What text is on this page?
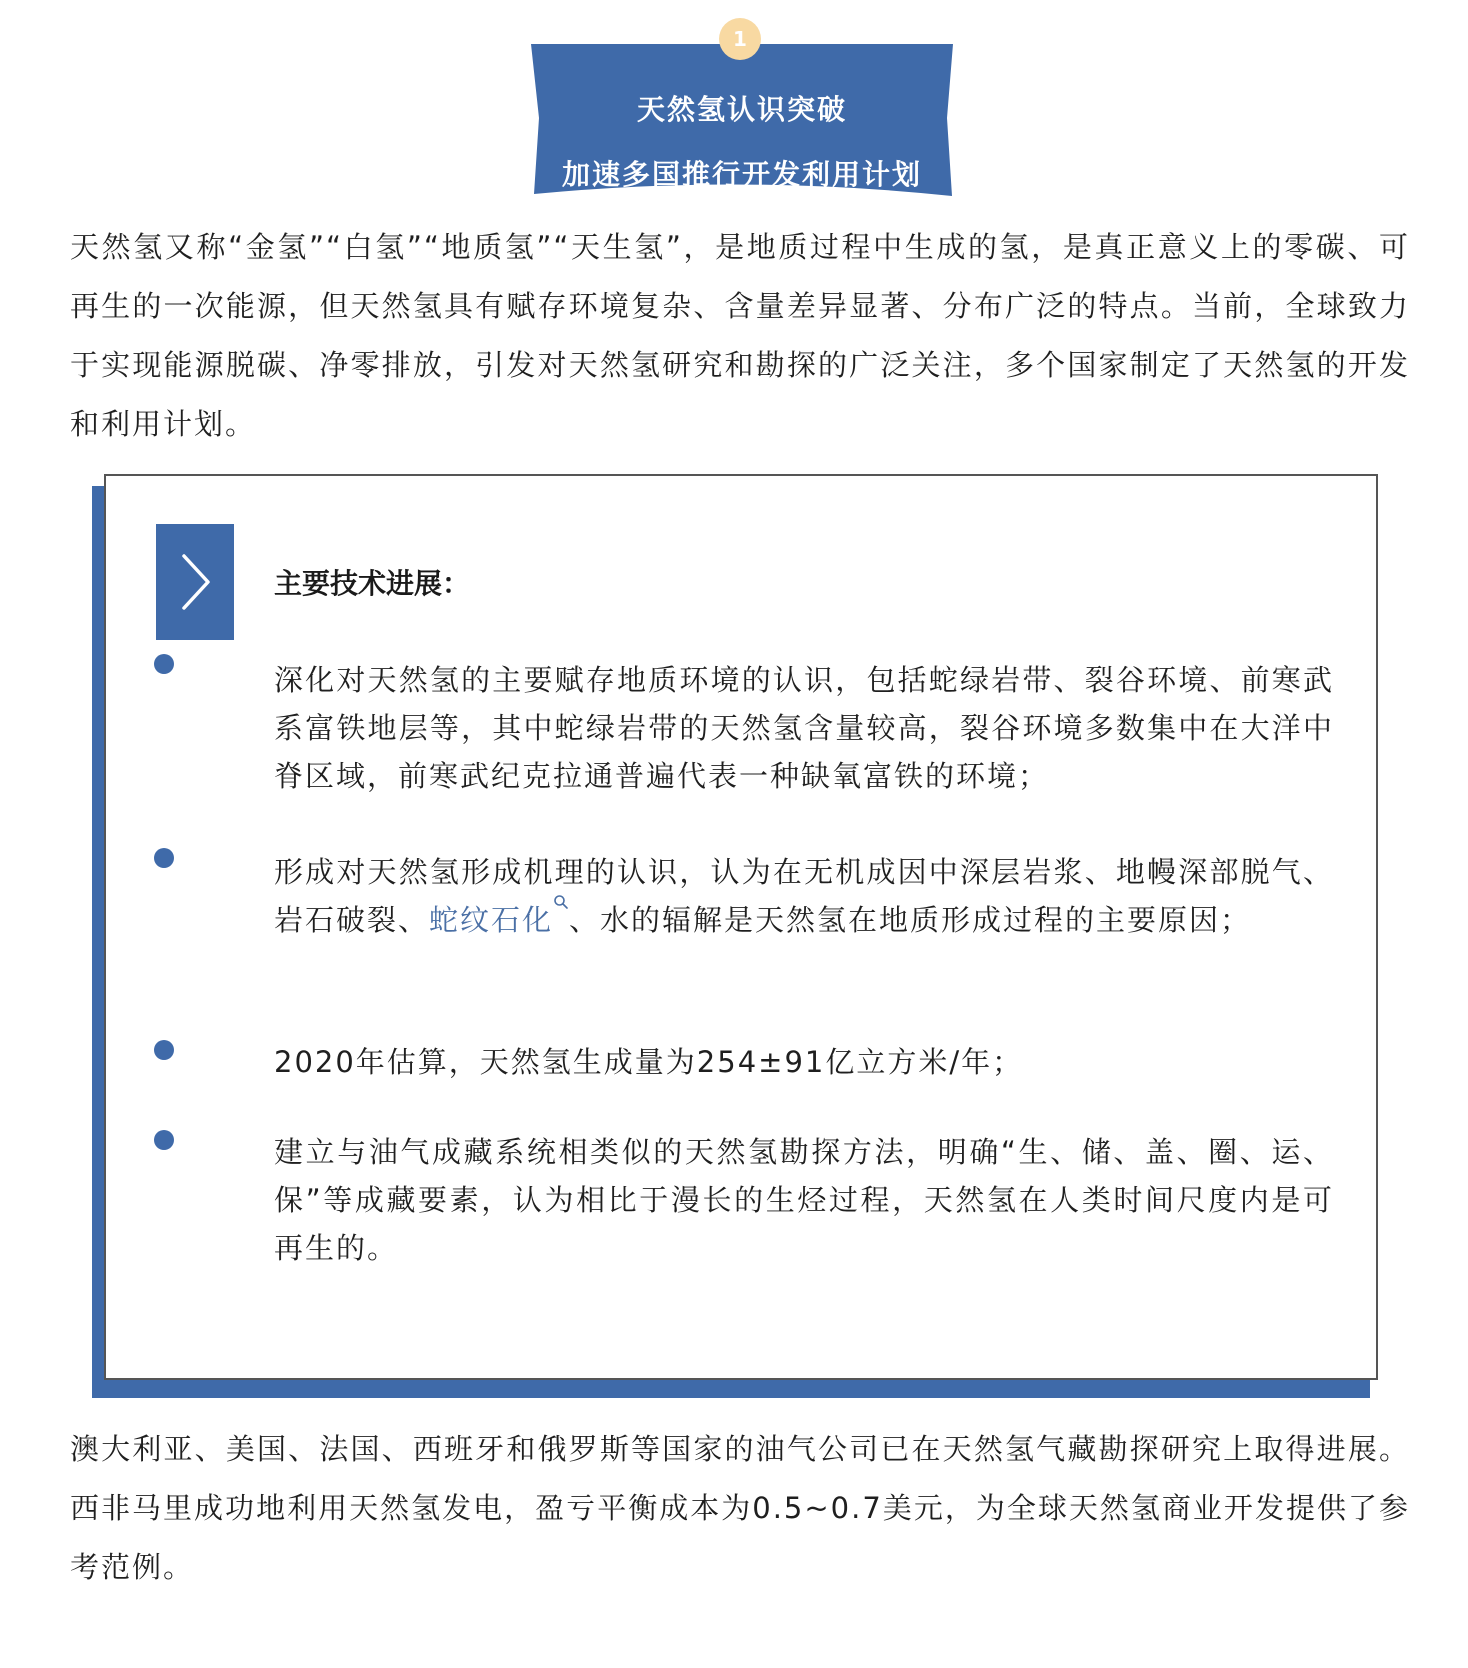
1
天然氢认识突破
加速多国推行开发利用计划

天然氢又称“金氢”“白氢”“地质氢”“天生氢”，是地质过程中生成的氢，是真正意义上的零碳、可再生的一次能源，但天然氢具有赋存环境复杂、含量差异显著、分布广泛的特点。当前，全球致力于实现能源脱碳、净零排放，引发对天然氢研究和勘探的广泛关注，多个国家制定了天然氢的开发和利用计划。

主要技术进展：

深化对天然氢的主要赋存地质环境的认识，包括蛇绿岩带、裂谷环境、前寒武系富铁地层等，其中蛇绿岩带的天然氢含量较高，裂谷环境多数集中在大洋中脊区域，前寒武纪克拉通普遍代表一种缺氧富铁的环境；

形成对天然氢形成机理的认识，认为在无机成因中深层岩浆、地幔深部脱气、岩石破裂、蛇纹石化 、水的辐解是天然氢在地质形成过程的主要原因；

2020年估算，天然氢生成量为254±91亿立方米/年；

建立与油气成藏系统相类似的天然氢勘探方法，明确“生、储、盖、圈、运、保”等成藏要素，认为相比于漫长的生烃过程，天然氢在人类时间尺度内是可再生的。

澳大利亚、美国、法国、西班牙和俄罗斯等国家的油气公司已在天然氢气藏勘探研究上取得进展。西非马里成功地利用天然氢发电，盈亏平衡成本为0.5~0.7美元，为全球天然氢商业开发提供了参考范例。
